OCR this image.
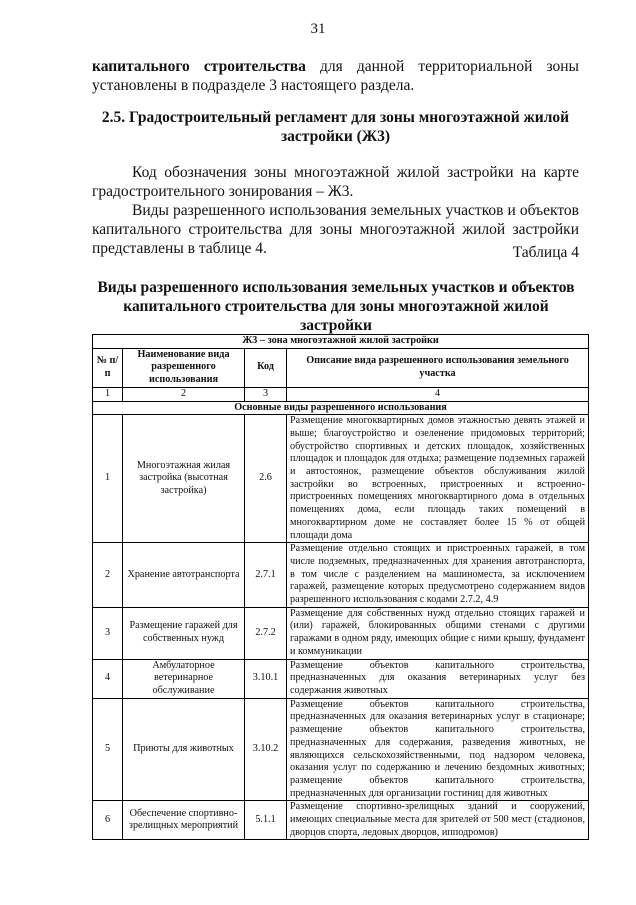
31
капитального строительства для данной территориальной зоны
установлены в подразделе 3 настоящего раздела.
2.5. Градостроительный регламент для зоны многоэтажной жилой
застройки (Ж3)
Код обозначения зоны многоэтажной жилой застройки на карте
градостроительного зонирования – Ж3.
Виды разрешенного использования земельных участков и объектов
капитального строительства для зоны многоэтажной жилой застройки
представлены в таблице 4.	Таблица 4
Виды разрешенного использования земельных участков и объектов
капитального строительства для зоны многоэтажной жилой застройки
Ж3 – зона многоэтажной жилой застройки			
№ п/п	Наименование вида разрешенного использования	Код	Описание вида разрешенного использования земельного участка
1	2	3	4
Основные виды разрешенного использования			
1	Многоэтажная жилая застройка (высотная застройка)	2.6	Размещение многоквартирных домов этажностью девять этажей и выше; благоустройство и озеленение придомовых территорий; обустройство спортивных и детских площадок, хозяйственных площадок и площадок для отдыха; размещение подземных гаражей и автостоянок, размещение объектов обслуживания жилой застройки во встроенных, пристроенных и встроенно-пристроенных помещениях многоквартирного дома в отдельных помещениях дома, если площадь таких помещений в многоквартирном доме не составляет более 15 % от общей площади дома
2	Хранение автотранспорта	2.7.1	Размещение отдельно стоящих и пристроенных гаражей, в том числе подземных, предназначенных для хранения автотранспорта, в том числе с разделением на машиноместа, за исключением гаражей, размещение которых предусмотрено содержанием видов разрешенного использования с кодами 2.7.2, 4.9
3	Размещение гаражей для собственных нужд	2.7.2	Размещение для собственных нужд отдельно стоящих гаражей и (или) гаражей, блокированных общими стенами с другими гаражами в одном ряду, имеющих общие с ними крышу, фундамент и коммуникации
4	Амбулаторное ветеринарное обслуживание	3.10.1	Размещение объектов капитального строительства, предназначенных для оказания ветеринарных услуг без содержания животных
5	Приюты для животных	3.10.2	Размещение объектов капитального строительства, предназначенных для оказания ветеринарных услуг в стационаре; размещение объектов капитального строительства, предназначенных для содержания, разведения животных, не являющихся сельскохозяйственными, под надзором человека, оказания услуг по содержанию и лечению бездомных животных; размещение объектов капитального строительства, предназначенных для организации гостиниц для животных
6	Обеспечение спортивно-зрелищных мероприятий	5.1.1	Размещение спортивно-зрелищных зданий и сооружений, имеющих специальные места для зрителей от 500 мест (стадионов, дворцов спорта, ледовых дворцов, ипподромов)
